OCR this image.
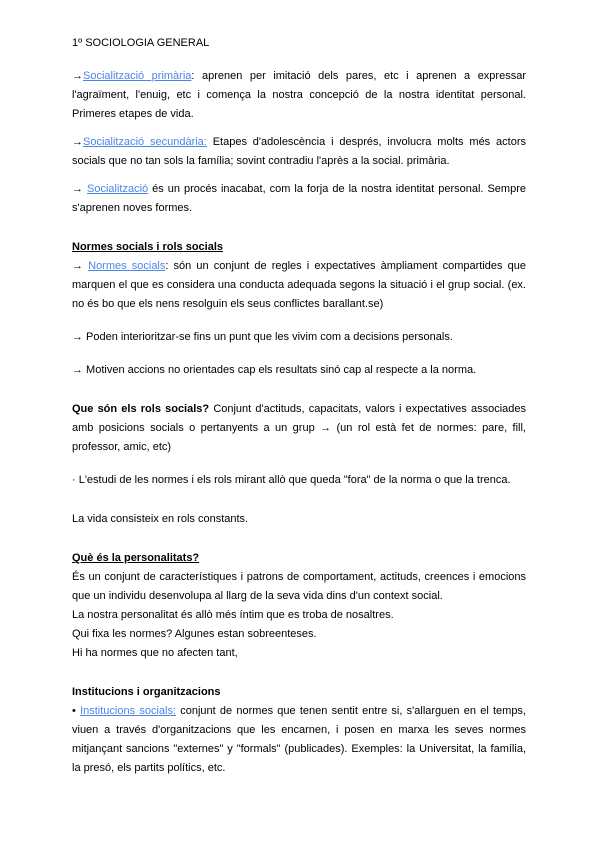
1º SOCIOLOGIA GENERAL

→Socialització primària: aprenen per imitació dels pares, etc i aprenen a expressar l'agraïment, l'enuig, etc i comença la nostra concepció de la nostra identitat personal. Primeres etapes de vida.

→Socialització secundària: Etapes d'adolescència i després, involucra molts més actors socials que no tan sols la família; sovint contradiu l'après a la social. primària.

→ Socialització és un procés inacabat, com la forja de la nostra identitat personal. Sempre s'aprenen noves formes.

Normes socials i rols socials

→ Normes socials: són un conjunt de regles i expectatives àmpliament compartides que marquen el que es considera una conducta adequada segons la situació i el grup social. (ex. no és bo que els nens resolguin els seus conflictes barallant.se)

→ Poden interioritzar-se fins un punt que les vivim com a decisions personals.

→ Motiven accions no orientades cap els resultats sinó cap al respecte a la norma.

Que són els rols socials? Conjunt d'actituds, capacitats, valors i expectatives associades amb posicions socials o pertanyents a un grup → (un rol està fet de normes: pare, fill, professor, amic, etc)

· L'estudi de les normes i els rols mirant allò que queda "fora" de la norma o que la trenca.

La vida consisteix en rols constants.

Què és la personalitats?

És un conjunt de característiques i patrons de comportament, actituds, creences i emocions que un individu desenvolupa al llarg de la seva vida dins d'un context social.

La nostra personalitat és allò més íntim que es troba de nosaltres.

Qui fixa les normes? Algunes estan sobreenteses.

Hi ha normes que no afecten tant,

Institucions i organitzacions

• Institucions socials: conjunt de normes que tenen sentit entre si, s'allarguen en el temps, viuen a través d'organitzacions que les encarnen, i posen en marxa les seves normes mitjançant sancions "externes" y "formals" (publicades). Exemples: la Universitat, la família, la presó, els partits polítics, etc.
